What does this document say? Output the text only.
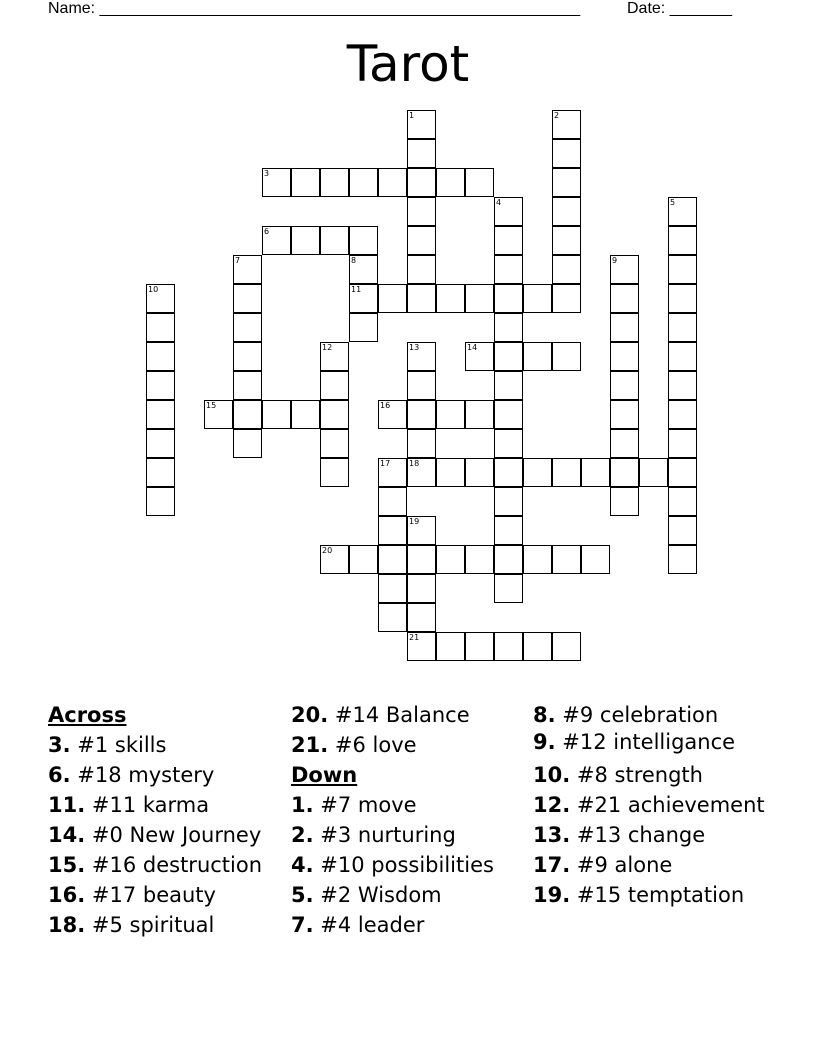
Name: ______________________________________________________	Date: _______
Tarot
1	2
3
4	5
6
7	8
11
9
10
12	13
18
14
15	16
17
19
21
20
Across
3. #1 skills
6. #18 mystery
11. #11 karma
14. #0 New Journey
15. #16 destruction
16. #17 beauty
18. #5 spiritual
20. #14 Balance
21. #6 love
Down
1. #7 move
2. #3 nurturing
4. #10 possibilities
5. #2 Wisdom
7. #4 leader
8. #9 celebration
9. #12 intelligance
10. #8 strength
12. #21 achievement
13. #13 change
17. #9 alone
19. #15 temptation
